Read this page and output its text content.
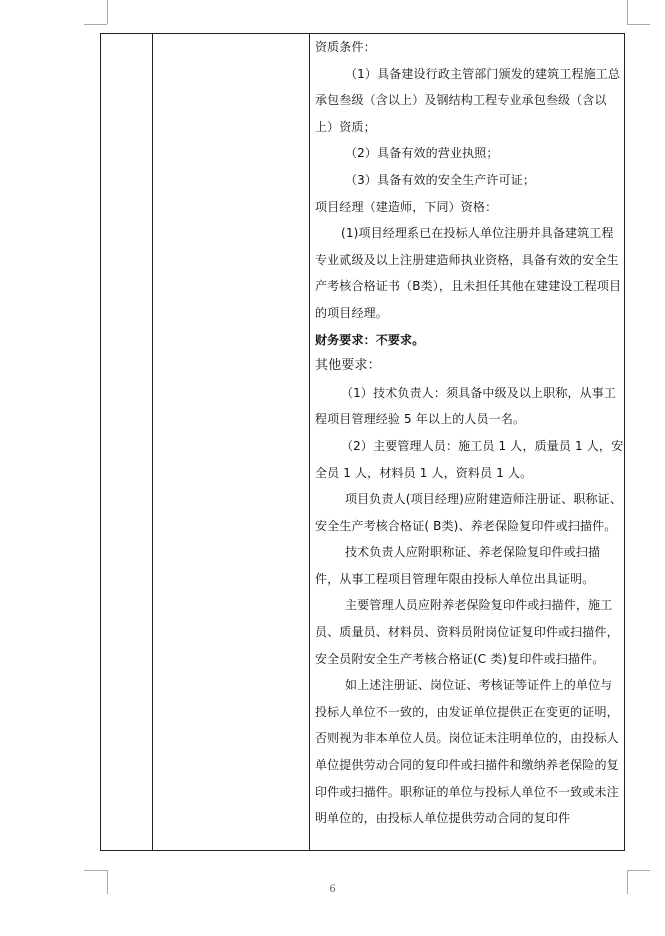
资质条件：

（1）具备建设行政主管部门颁发的建筑工程施工总承包叁级（含以上）及钢结构工程专业承包叁级（含以上）资质；

（2）具备有效的营业执照；

（3）具备有效的安全生产许可证；

项目经理（建造师，下同）资格：

(1)项目经理系已在投标人单位注册并具备建筑工程专业贰级及以上注册建造师执业资格，具备有效的安全生产考核合格证书（B类），且未担任其他在建建设工程项目的项目经理。

财务要求：不要求。

其他要求：

（1）技术负责人：须具备中级及以上职称，从事工程项目管理经验 5 年以上的人员一名。

（2）主要管理人员：施工员 1 人，质量员 1 人，安全员 1 人，材料员 1 人，资料员 1 人。

项目负责人(项目经理)应附建造师注册证、职称证、安全生产考核合格证( B类)、养老保险复印件或扫描件。

技术负责人应附职称证、养老保险复印件或扫描件，从事工程项目管理年限由投标人单位出具证明。

主要管理人员应附养老保险复印件或扫描件，施工员、质量员、材料员、资料员附岗位证复印件或扫描件，安全员附安全生产考核合格证(C 类)复印件或扫描件。

如上述注册证、岗位证、考核证等证件上的单位与投标人单位不一致的，由发证单位提供正在变更的证明，否则视为非本单位人员。岗位证未注明单位的，由投标人单位提供劳动合同的复印件或扫描件和缴纳养老保险的复印件或扫描件。职称证的单位与投标人单位不一致或未注明单位的，由投标人单位提供劳动合同的复印件

6
